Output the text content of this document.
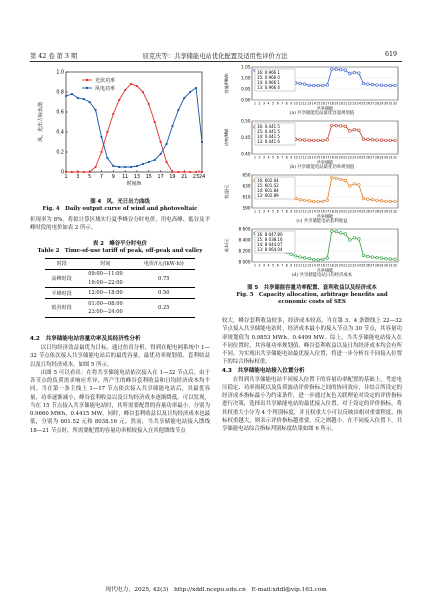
第 42 卷 第 3 期	屈克庆等：共享储能电站优化配置及适用性评价方法	619
0
0.2
0.4
0.6
0.8
1.0
1 3 5 7 9 11 13 15 17 19 21 2324
时间/h
风、光出力标幺值
光伏功率
风电功率
图 4　风、光日出力曲线
Fig. 4　Daily output curve of wind and photovoltaic

折现率为 8%。将拟计算区域实行夏季峰谷分时电价，用电高峰、低谷及平峰时段的电价如表 2 所示。

表 2　峰谷平分时电价
Table 2　Time-of-use tariff of peak, off-peak and valley
时段	时间	电价/(元/(kW·h))
高峰时段	09:00—11:00	0.75
	19:00—22:00	
平峰时段	12:00—18:00	0.50
低谷时段	01:00—08:00	0.25
	23:00—24:00	

4.2　共享储能电站容量功率及其经济性分析

以日均经济效益最优为目标，通过仿真分析，得到在配电网系统中 1—32 节点依次接入共享储能电站后的最优容量、最优功率规划值、套利收益以及日均经济成本，如图 5 所示。

由图 5 可以看出：在将共享储能电站依次接入在 1—32 节点后，由于各节点的负荷需求响应差异，所产生的峰谷套利收益和日均经济成本均不同。当在第一条主线上 1—17 节点依次接入共享储能电站后，其最优容量、功率逐渐减小，峰谷套利收益以及日均经济成本逐渐降低。可以发现，当在 15 节点接入共享储能电站时，其所需要配置的容量功率最小，分别为 0.9660 MWh、0.4415 MW。同时，峰谷套利收益以及日均经济成本也最低，分别为 601.52 元和 8038.16 元。然而，当共享储能电站接入馈线 18—21 节点时，所需要配置的容量功率相较接入在其他馈线节点

0.90
0.95
1.00
1.05
1 2 3 4 5 6 7 8 9 10 11 12 13 14 15 16 17 18 19 20 21 22 23 24 25 26 27 28 29 30 31 32
容量/MWh
16: 0.966 1
15: 0.966 0
14: 0.966 1
13: 0.966 4
共享储能
(a) 共享储能电站最优容量规划值
0.40
0.45
0.50
1 2 3 4 5 6 7 8 9 10 11 12 13 14 15 16 17 18 19 20 21 22 23 24 25 26 27 28 29 30 31 32
功率/MW
16: 0.441 5
15: 0.441 5
14: 0.441 5
13: 0.441 6
共享储能
(b) 共享储能电站最优功率规划值
590
610
630
650
1 2 3 4 5 6 7 8 9 10 11 12 13 14 15 16 17 18 19 20 21 22 23 24 25 26 27 28 29 30 31 32
收益/元
16: 602.04
15: 601.52
14: 601.84
13: 602.89
共享储能
(c) 共享储能电站套利收益
8 000
8 200
8 400
8 600
1 2 3 4 5 6 7 8 9 10 11 12 13 14 15 16 17 18 19 20 21 22 23 24 25 26 27 28 29 30 31 32
成本/元
16: 8 047.80
15: 8 038.16
14: 8 044.07
13: 8 064.04
共享储能
(d) 共享储能电站日均经济成本
图 5　共享储能容量功率配置、套利收益以及经济成本
Fig. 5　Capacity allocation, arbitrage benefits and
economic costs of SES

较大，峰谷套利收益较多，经济成本较高。当在第 3、4 条馈线上 22—32 节点接入共享储能电站时，经济成本最小的接入节点为 30 节点，其容量功率规划值为 0.9853 MWh、0.4499 MW。综上，当共享储能电站接入在不同位置时，其容量功率规划值、峰谷套利收益以及日均经济成本均会有所不同。为实现出共享储能电站最优接入位置，将进一步分析在不同接入位置下的综合指标权重。

4.3　共享储能电站接入位置分析

在得到共享储能电站不同接入位置下的容量功率配置的基础上，考虑电压稳定、功率损耗以及负荷波动评价指标之间的协同效应，并结合所设定的经济成本指标最小为约束条件，进一步通过灰色关联理论对设定的评价指标进行决策，选择出共享储能电站的最优接入位置。对于设定的评价指标，将其权重大小分为 4 个判别标度，并且权重大小可以反映出相对重要程度，指标权重越大，则表示评价指标越重要，反之则越小。在不同接入位置下，共享储能电站综合指标判别标度结果如图 6 所示。

现代电力，2025, 42(3)　http://xddl.ncepu.edu.cn　E-mail:xddl@vip.163.com
